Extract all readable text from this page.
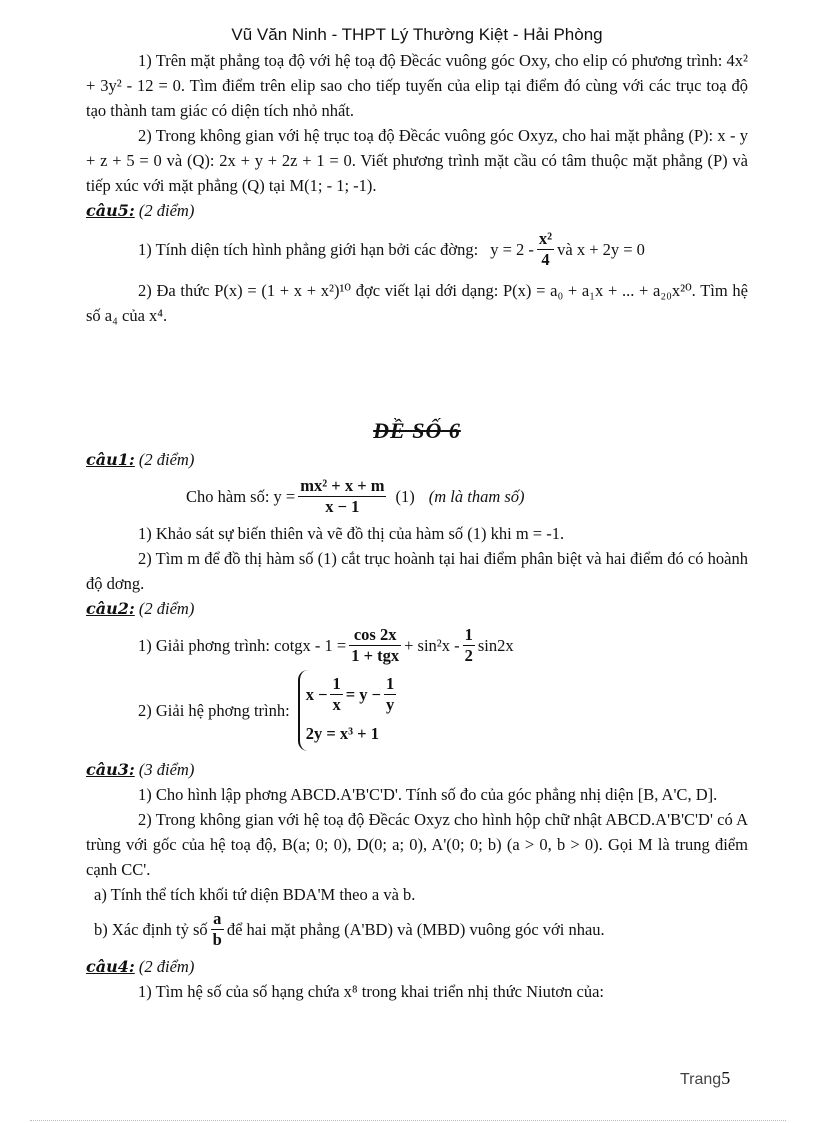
Vũ Văn Ninh - THPT Lý Thường Kiệt - Hải Phòng

1) Trên mặt phẳng toạ độ với hệ toạ độ Đềcác vuông góc Oxy, cho elip có phương trình: 4x² + 3y² - 12 = 0. Tìm điểm trên elip sao cho tiếp tuyến của elip tại điểm đó cùng với các trục toạ độ tạo thành tam giác có diện tích nhỏ nhất.

2) Trong không gian với hệ trục toạ độ Đềcác vuông góc Oxyz, cho hai mặt phẳng (P): x - y + z + 5 = 0 và (Q): 2x + y + 2z + 1 = 0. Viết phương trình mặt cầu có tâm thuộc mặt phẳng (P) và tiếp xúc với mặt phẳng (Q) tại M(1; - 1; -1).

câu5: (2 điểm)

1) Tính diện tích hình phẳng giới hạn bởi các đờng: $y = 2 - \frac{\text{x²}}{4}$ và x + 2y = 0

2) Đa thức P(x) = (1 + x + x²)¹⁰ đợc viết lại dới dạng: P(x) = a₀ + a₁x + ... + a₂₀x²⁰. Tìm hệ số a₄ của x⁴.

ĐỀ SỐ 6

câu1: (2 điểm)

Cho hàm số: $y = \frac{\text{mx² + x + m}}{x - 1} (1)$ (m là tham số)

1) Khảo sát sự biến thiên và vẽ đồ thị của hàm số (1) khi m = -1.

2) Tìm m để đồ thị hàm số (1) cắt trục hoành tại hai điểm phân biệt và hai điểm đó có hoành độ dơng.

câu2: (2 điểm)

1) Giải phơng trình: cotgx - $1 = \frac{\cos 2x}{\text{1 + tgx}} + \sin^2x - \frac{1}{2} \sin 2x$
2) Giải hệ phơng trình:
$x - \frac{1}{x} = y - \frac{1}{y}$
2y = x³ + 1

câu3: (3 điểm)

1) Cho hình lập phơng ABCD.A'B'C'D'. Tính số đo của góc phẳng nhị diện [B, A'C, D].

2) Trong không gian với hệ toạ độ Đềcác Oxyz cho hình hộp chữ nhật ABCD.A'B'C'D' có A trùng với gốc của hệ toạ độ, B(a; 0; 0), D(0; a; 0), A'(0; 0; b) (a > 0, b > 0). Gọi M là trung điểm cạnh CC'.

a) Tính thể tích khối tứ diện BDA'M theo a và b.

b) Xác định tỷ số $\frac{a}{b}$ để hai mặt phẳng (A'BD) và (MBD) vuông góc với nhau.

câu4: (2 điểm)

1) Tìm hệ số của số hạng chứa x⁸ trong khai triển nhị thức Niutơn của:

Trang5
